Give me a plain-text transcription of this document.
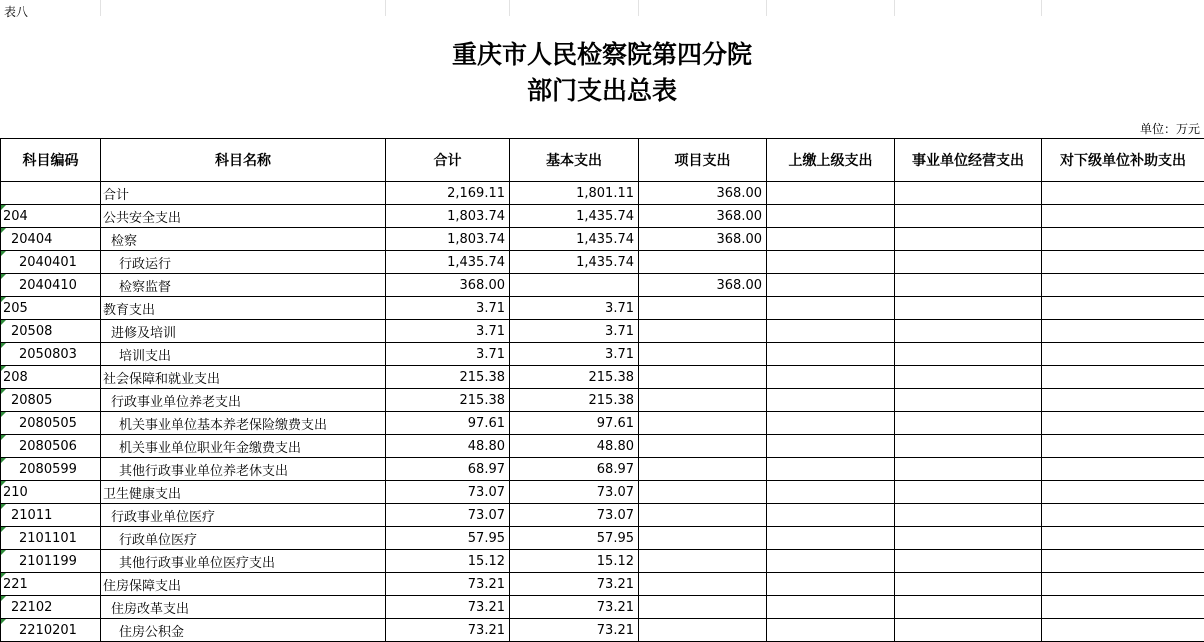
表八
重庆市人民检察院第四分院
部门支出总表
单位：万元
科目编码	科目名称	合计	基本支出	项目支出	上缴上级支出	事业单位经营支出	对下级单位补助支出
	合计	2,169.11	1,801.11	368.00			
204	公共安全支出	1,803.74	1,435.74	368.00			
20404	检察	1,803.74	1,435.74	368.00			
2040401	行政运行	1,435.74	1,435.74				
2040410	检察监督	368.00		368.00			
205	教育支出	3.71	3.71				
20508	进修及培训	3.71	3.71				
2050803	培训支出	3.71	3.71				
208	社会保障和就业支出	215.38	215.38				
20805	行政事业单位养老支出	215.38	215.38				
2080505	机关事业单位基本养老保险缴费支出	97.61	97.61				
2080506	机关事业单位职业年金缴费支出	48.80	48.80				
2080599	其他行政事业单位养老休支出	68.97	68.97				
210	卫生健康支出	73.07	73.07				
21011	行政事业单位医疗	73.07	73.07				
2101101	行政单位医疗	57.95	57.95				
2101199	其他行政事业单位医疗支出	15.12	15.12				
221	住房保障支出	73.21	73.21				
22102	住房改革支出	73.21	73.21				
2210201	住房公积金	73.21	73.21				
